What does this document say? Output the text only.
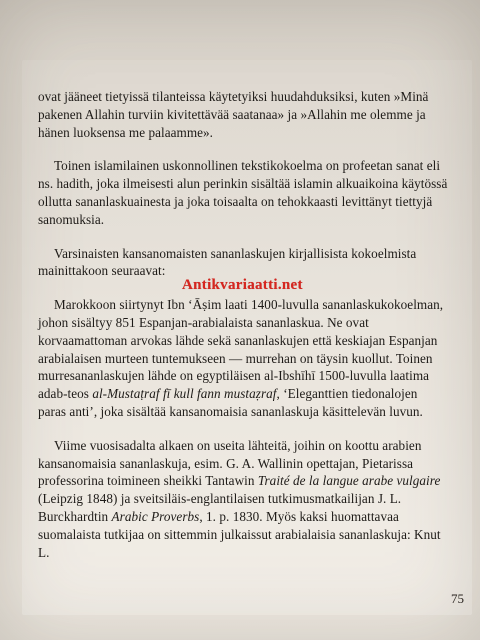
ovat jääneet tietyissä tilanteissa käytetyiksi huudahduksiksi, kuten »Minä pakenen Allahin turviin kivitettävää saatanaa» ja »Allahin me olemme ja hänen luoksensa me palaamme».

Toinen islamilainen uskonnollinen tekstikokoelma on profeetan sanat eli ns. hadith, joka ilmeisesti alun perinkin sisältää islamin alkuaikoina käytössä ollutta sananlaskuainesta ja joka toisaalta on tehokkaasti levittänyt tiettyjä sanomuksia.

Varsinaisten kansanomaisten sananlaskujen kirjallisista kokoelmista mainittakoon seuraavat:

Marokkoon siirtynyt Ibn ‘Āṣim laati 1400-luvulla sananlaskukokoelman, johon sisältyy 851 Espanjan-arabialaista sananlaskua. Ne ovat korvaamattoman arvokas lähde sekä sananlaskujen että keskiajan Espanjan arabialaisen murteen tuntemukseen — murrehan on täysin kuollut. Toinen murresananlaskujen lähde on egyptiläisen al-Ibshīhī 1500-luvulla laatima adab-teos al-Mustaṭraf fī kull fann mustaẓraf, ‘Eleganttien tiedonalojen paras anti’, joka sisältää kansanomaisia sananlaskuja käsittelevän luvun.

Viime vuosisadalta alkaen on useita lähteitä, joihin on koottu arabien kansanomaisia sananlaskuja, esim. G. A. Wallinin opettajan, Pietarissa professorina toimineen sheikki Tantawin Traité de la langue arabe vulgaire (Leipzig 1848) ja sveitsiläis-englantilaisen tutkimusmatkailijan J. L. Burckhardtin Arabic Proverbs, 1. p. 1830. Myös kaksi huomattavaa suomalaista tutkijaa on sittemmin julkaissut arabialaisia sananlaskuja: Knut L.

Antikvariaatti.net
75
